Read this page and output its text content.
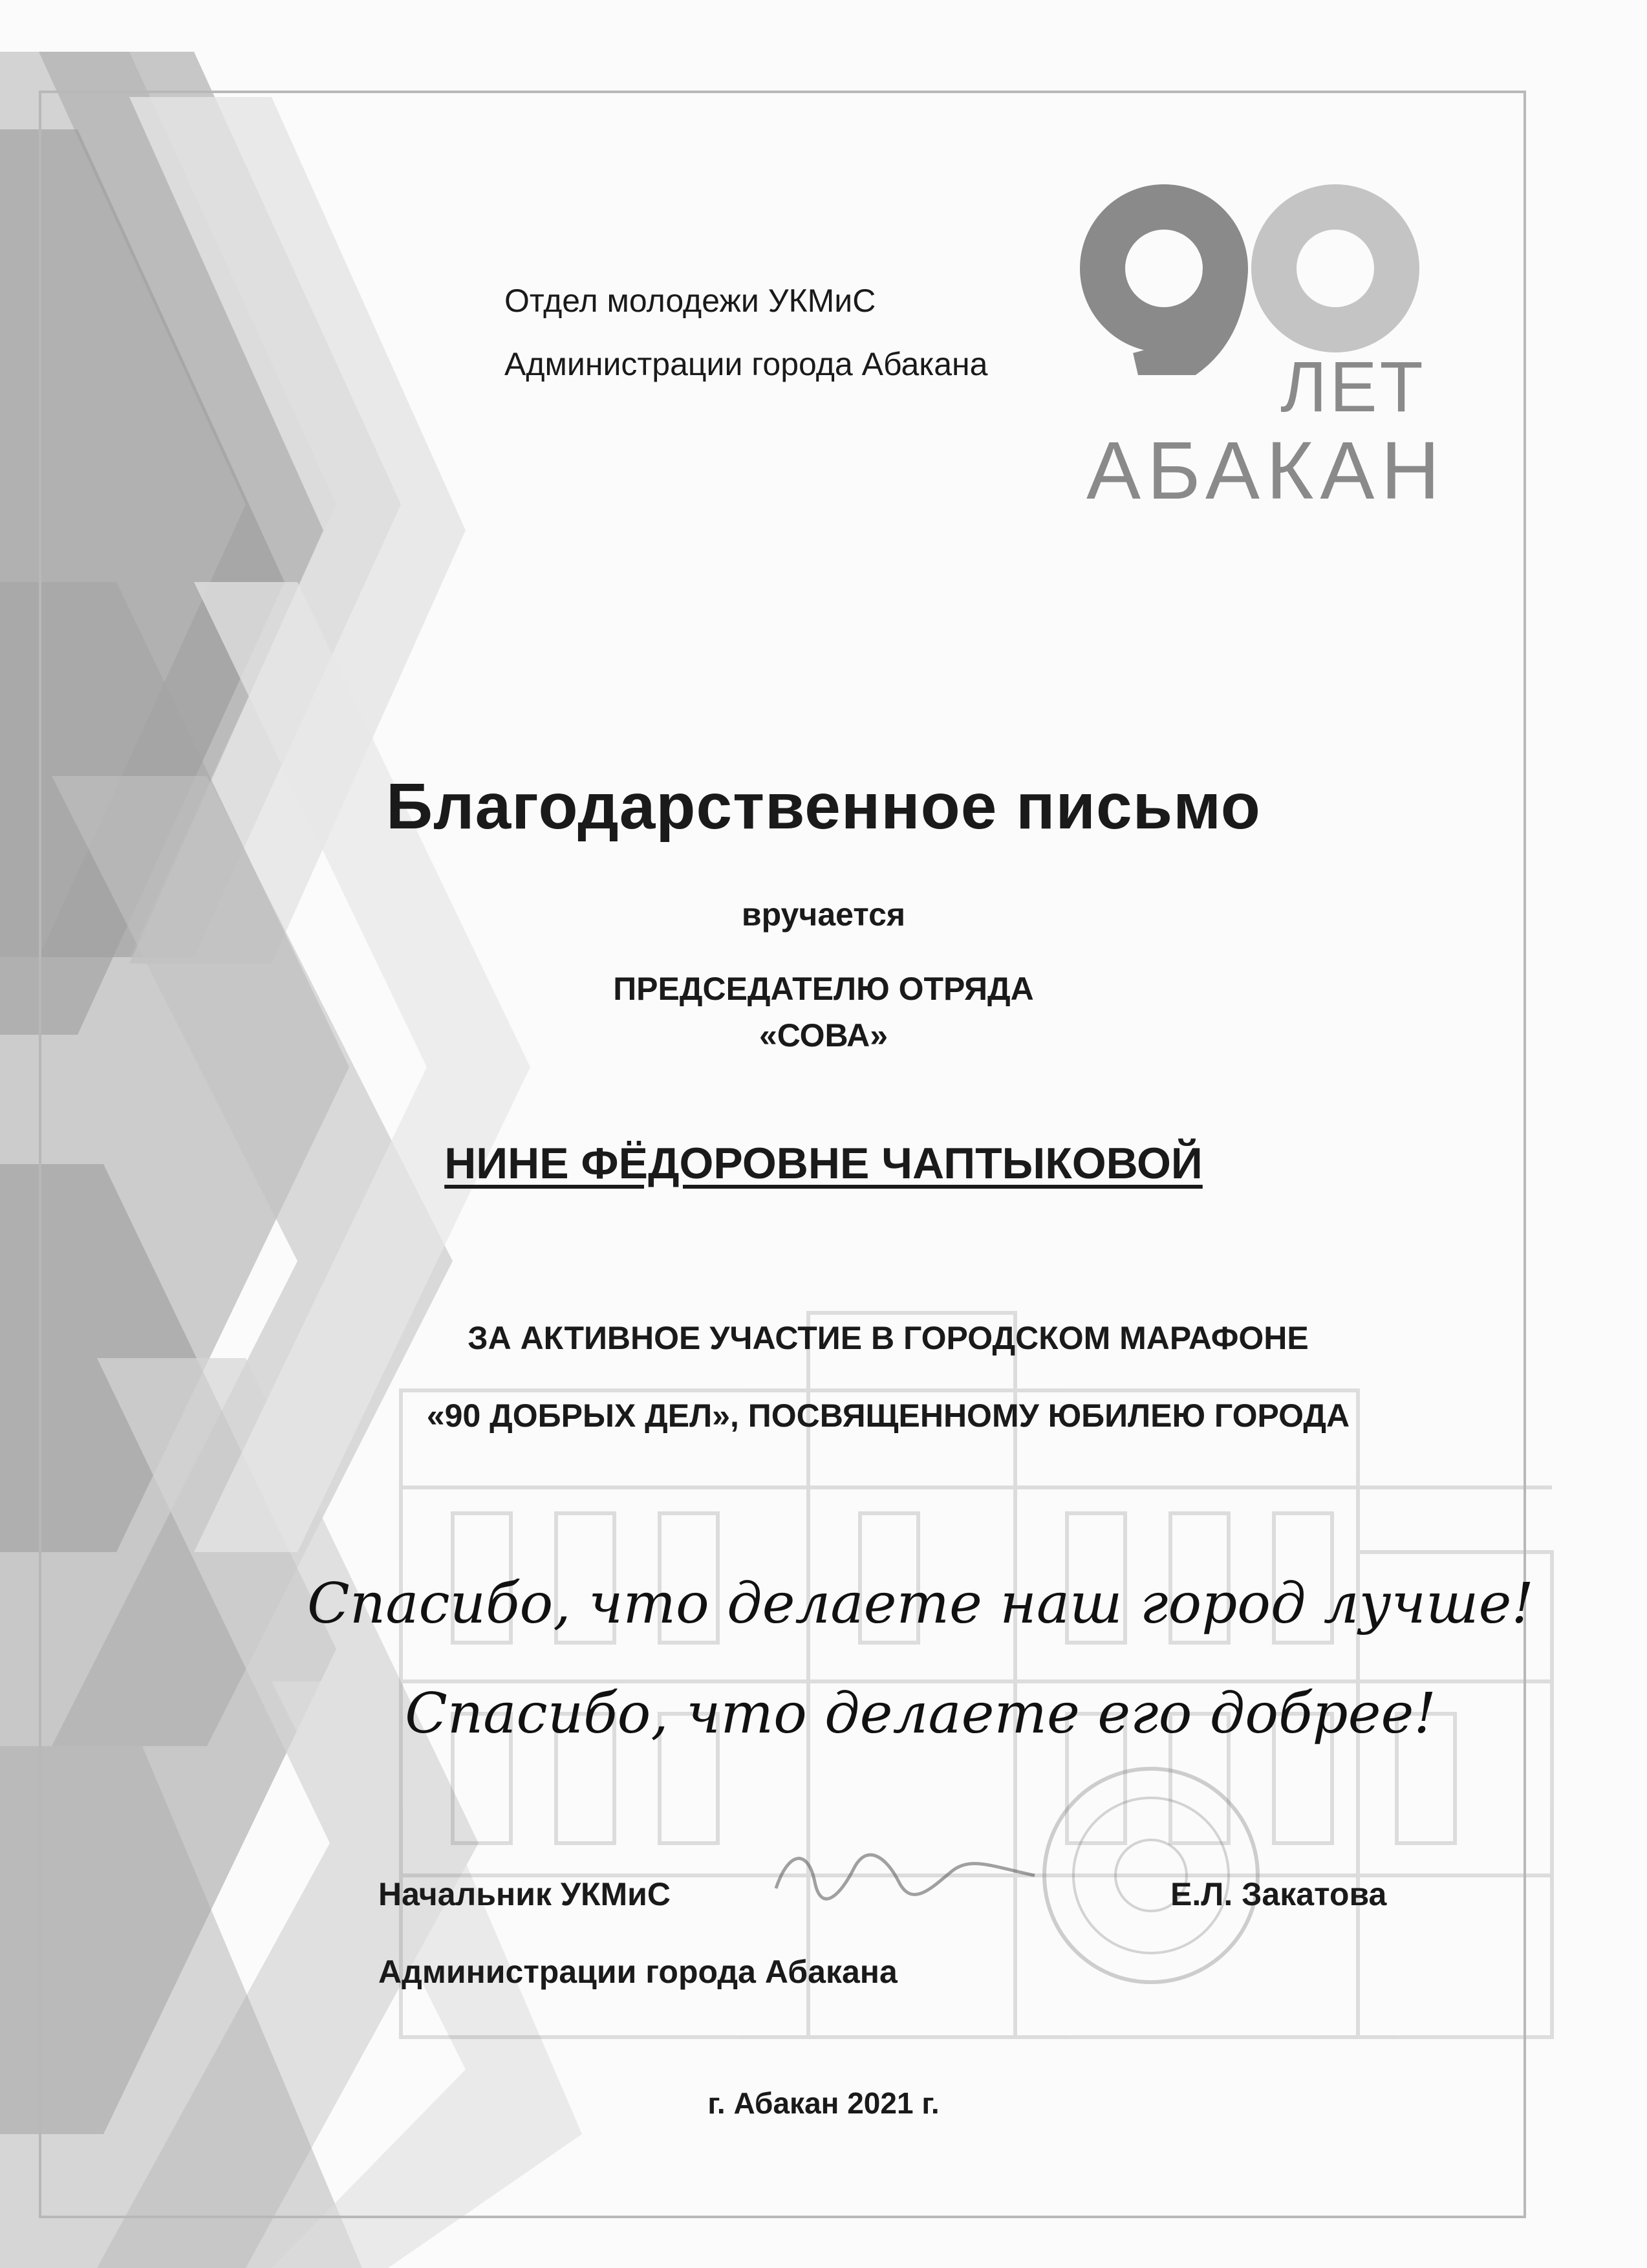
Отдел молодежи УКМиС
Администрации города Абакана	ЛЕТ
АБАКАН
Благодарственное письмо
вручается
ПРЕДСЕДАТЕЛЮ ОТРЯДА
«СОВА»
НИНЕ ФЁДОРОВНЕ ЧАПТЫКОВОЙ
ЗА АКТИВНОЕ УЧАСТИЕ В ГОРОДСКОМ МАРАФОНЕ
«90 ДОБРЫХ ДЕЛ», ПОСВЯЩЕННОМУ ЮБИЛЕЮ ГОРОДА
Спасибо, что делаете наш город лучше!
Спасибо, что делаете его добрее!
Начальник УКМиС
Администрации города Абакана
Е.Л. Закатова
г. Абакан 2021 г.
